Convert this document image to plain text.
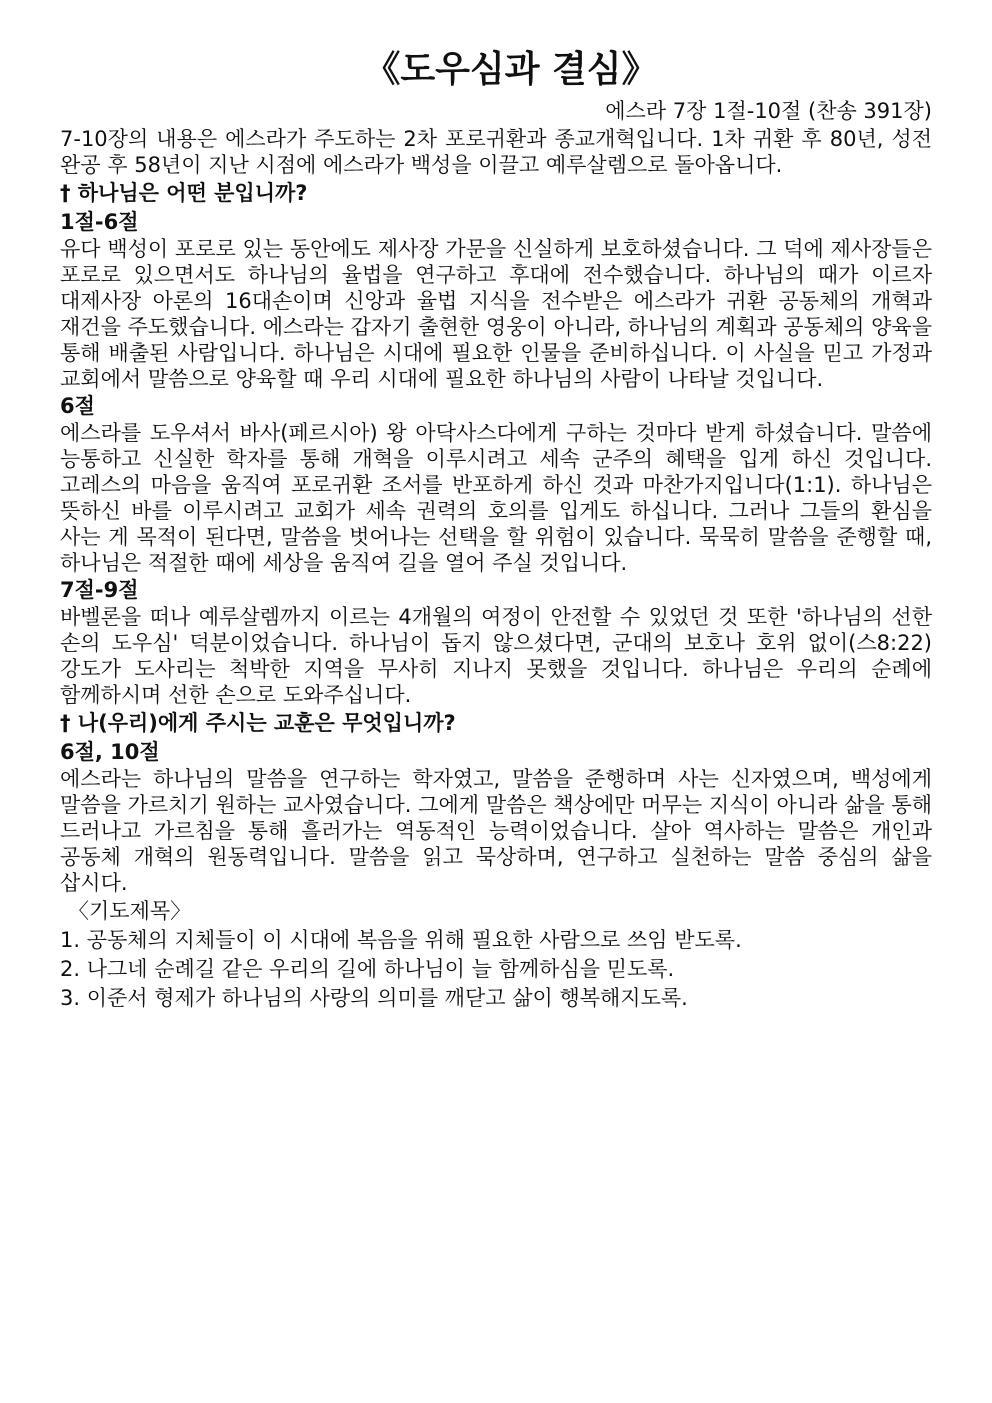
《도우심과 결심》

에스라 7장 1절-10절 (찬송 391장)

7-10장의 내용은 에스라가 주도하는 2차 포로귀환과 종교개혁입니다. 1차 귀환 후 80년, 성전 완공 후 58년이 지난 시점에 에스라가 백성을 이끌고 예루살렘으로 돌아옵니다.

† 하나님은 어떤 분입니까?

1절-6절

유다 백성이 포로로 있는 동안에도 제사장 가문을 신실하게 보호하셨습니다. 그 덕에 제사장들은 포로로 있으면서도 하나님의 율법을 연구하고 후대에 전수했습니다. 하나님의 때가 이르자 대제사장 아론의 16대손이며 신앙과 율법 지식을 전수받은 에스라가 귀환 공동체의 개혁과 재건을 주도했습니다. 에스라는 갑자기 출현한 영웅이 아니라, 하나님의 계획과 공동체의 양육을 통해 배출된 사람입니다. 하나님은 시대에 필요한 인물을 준비하십니다. 이 사실을 믿고 가정과 교회에서 말씀으로 양육할 때 우리 시대에 필요한 하나님의 사람이 나타날 것입니다.

6절

에스라를 도우셔서 바사(페르시아) 왕 아닥사스다에게 구하는 것마다 받게 하셨습니다. 말씀에 능통하고 신실한 학자를 통해 개혁을 이루시려고 세속 군주의 혜택을 입게 하신 것입니다. 고레스의 마음을 움직여 포로귀환 조서를 반포하게 하신 것과 마찬가지입니다(1:1). 하나님은 뜻하신 바를 이루시려고 교회가 세속 권력의 호의를 입게도 하십니다. 그러나 그들의 환심을 사는 게 목적이 된다면, 말씀을 벗어나는 선택을 할 위험이 있습니다. 묵묵히 말씀을 준행할 때, 하나님은 적절한 때에 세상을 움직여 길을 열어 주실 것입니다.

7절-9절

바벨론을 떠나 예루살렘까지 이르는 4개월의 여정이 안전할 수 있었던 것 또한 '하나님의 선한 손의 도우심' 덕분이었습니다. 하나님이 돕지 않으셨다면, 군대의 보호나 호위 없이(스8:22) 강도가 도사리는 척박한 지역을 무사히 지나지 못했을 것입니다. 하나님은 우리의 순례에 함께하시며 선한 손으로 도와주십니다.

† 나(우리)에게 주시는 교훈은 무엇입니까?

6절, 10절

에스라는 하나님의 말씀을 연구하는 학자였고, 말씀을 준행하며 사는 신자였으며, 백성에게 말씀을 가르치기 원하는 교사였습니다. 그에게 말씀은 책상에만 머무는 지식이 아니라 삶을 통해 드러나고 가르침을 통해 흘러가는 역동적인 능력이었습니다. 살아 역사하는 말씀은 개인과 공동체 개혁의 원동력입니다. 말씀을 읽고 묵상하며, 연구하고 실천하는 말씀 중심의 삶을 삽시다.

〈기도제목〉

1. 공동체의 지체들이 이 시대에 복음을 위해 필요한 사람으로 쓰임 받도록.
2. 나그네 순례길 같은 우리의 길에 하나님이 늘 함께하심을 믿도록.
3. 이준서 형제가 하나님의 사랑의 의미를 깨닫고 삶이 행복해지도록.
